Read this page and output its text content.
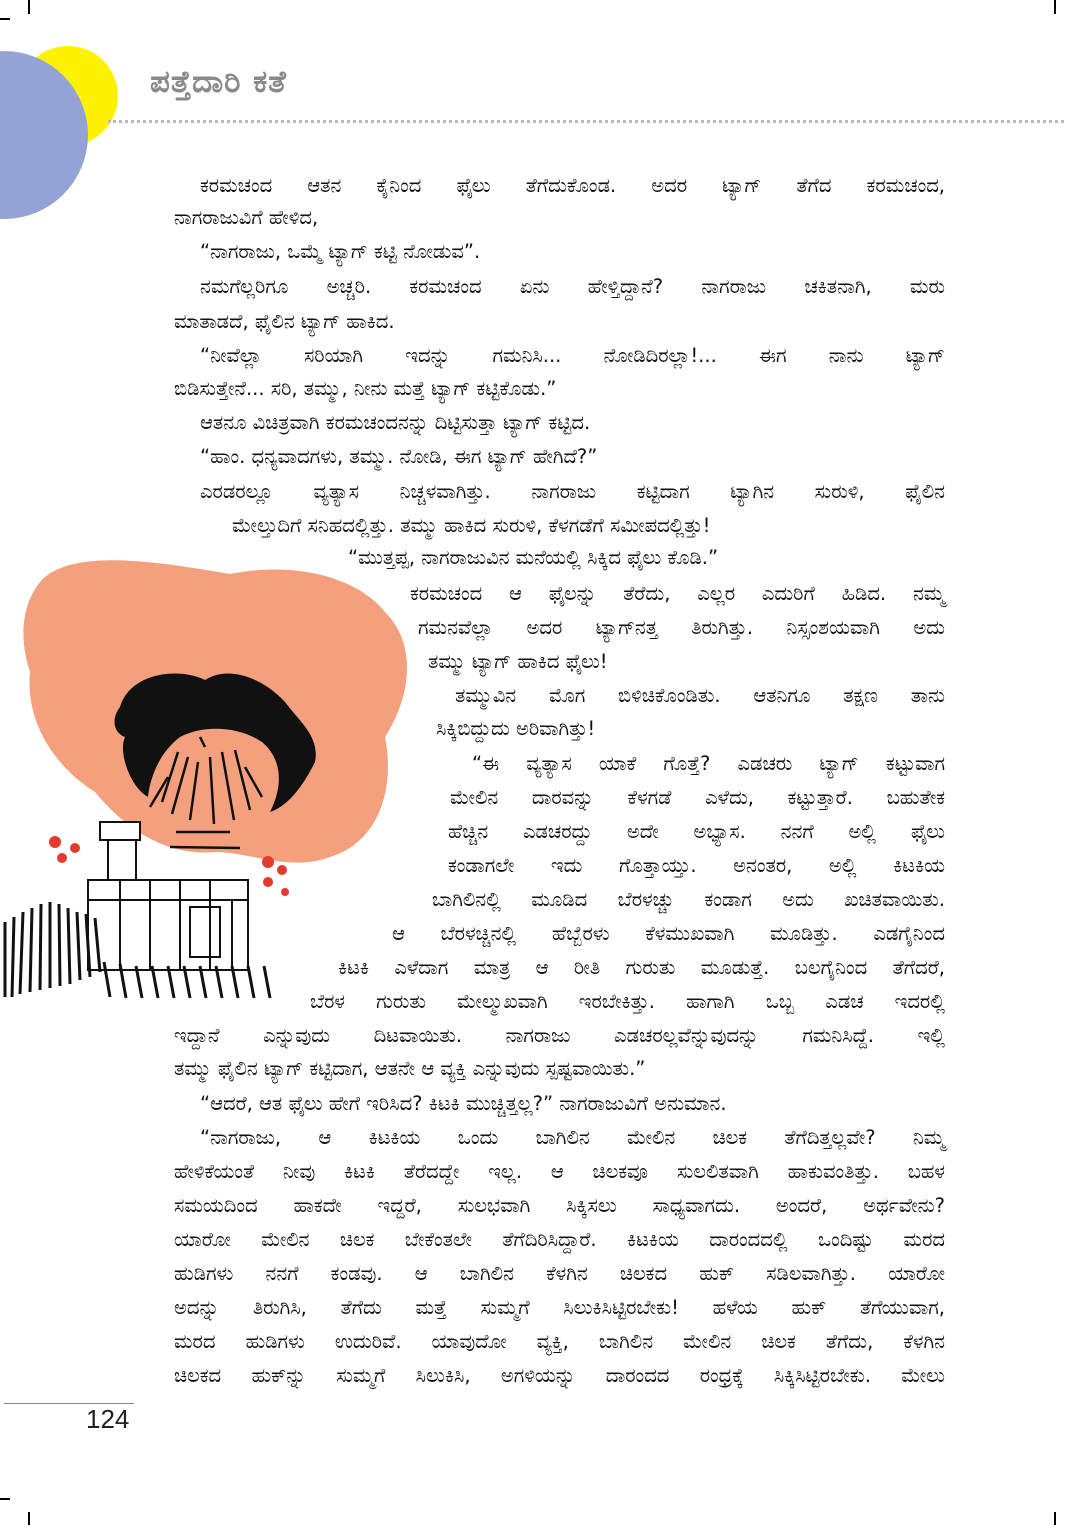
ಪತ್ತೆದಾರಿ ಕತೆ
ಕರಮಚಂದ ಆತನ ಕೈನಿಂದ ಫೈಲು ತೆಗೆದುಕೊಂಡ. ಅದರ ಟ್ಯಾಗ್ ತೆಗೆದ ಕರಮಚಂದ,
ನಾಗರಾಜುವಿಗೆ ಹೇಳಿದ,
“ನಾಗರಾಜು, ಒಮ್ಮೆ ಟ್ಯಾಗ್ ಕಟ್ಟಿ ನೋಡುವ”.
ನಮಗೆಲ್ಲರಿಗೂ ಅಚ್ಚರಿ. ಕರಮಚಂದ ಏನು ಹೇಳ್ತಿದ್ದಾನೆ? ನಾಗರಾಜು ಚಕಿತನಾಗಿ, ಮರು
ಮಾತಾಡದೆ, ಫೈಲಿನ ಟ್ಯಾಗ್ ಹಾಕಿದ.
“ನೀವೆಲ್ಲಾ ಸರಿಯಾಗಿ ಇದನ್ನು ಗಮನಿಸಿ... ನೋಡಿದಿರಲ್ಲಾ!... ಈಗ ನಾನು ಟ್ಯಾಗ್
ಬಿಡಿಸುತ್ತೇನೆ... ಸರಿ, ತಮ್ಮು, ನೀನು ಮತ್ತೆ ಟ್ಯಾಗ್ ಕಟ್ಟಿಕೊಡು.”
ಆತನೂ ವಿಚಿತ್ರವಾಗಿ ಕರಮಚಂದನನ್ನು ದಿಟ್ಟಿಸುತ್ತಾ ಟ್ಯಾಗ್ ಕಟ್ಟಿದ.
“ಹಾಂ. ಧನ್ಯವಾದಗಳು, ತಮ್ಮು. ನೋಡಿ, ಈಗ ಟ್ಯಾಗ್ ಹೇಗಿದೆ?”
ಎರಡರಲ್ಲೂ ವ್ಯತ್ಯಾಸ ನಿಚ್ಚಳವಾಗಿತ್ತು. ನಾಗರಾಜು ಕಟ್ಟಿದಾಗ ಟ್ಯಾಗಿನ ಸುರುಳಿ, ಫೈಲಿನ
ಮೇಲ್ತುದಿಗೆ ಸನಿಹದಲ್ಲಿತ್ತು. ತಮ್ಮು ಹಾಕಿದ ಸುರುಳಿ, ಕೆಳಗಡೆಗೆ ಸಮೀಪದಲ್ಲಿತ್ತು!
“ಮುತ್ತಪ್ಪ, ನಾಗರಾಜುವಿನ ಮನೆಯಲ್ಲಿ ಸಿಕ್ಕಿದ ಫೈಲು ಕೊಡಿ.”
ಕರಮಚಂದ ಆ ಫೈಲನ್ನು ತೆರೆದು, ಎಲ್ಲರ ಎದುರಿಗೆ ಹಿಡಿದ. ನಮ್ಮ
ಗಮನವೆಲ್ಲಾ ಅದರ ಟ್ಯಾಗ್‌ನತ್ತ ತಿರುಗಿತ್ತು. ನಿಸ್ಸಂಶಯವಾಗಿ ಅದು
ತಮ್ಮು ಟ್ಯಾಗ್ ಹಾಕಿದ ಫೈಲು!
ತಮ್ಮುವಿನ ಮೊಗ ಬಿಳಿಚಿಕೊಂಡಿತು. ಆತನಿಗೂ ತಕ್ಷಣ ತಾನು
ಸಿಕ್ಕಿಬಿದ್ದುದು ಅರಿವಾಗಿತ್ತು!
“ಈ ವ್ಯತ್ಯಾಸ ಯಾಕೆ ಗೊತ್ತೆ? ಎಡಚರು ಟ್ಯಾಗ್ ಕಟ್ಟುವಾಗ
ಮೇಲಿನ ದಾರವನ್ನು ಕೆಳಗಡೆ ಎಳೆದು, ಕಟ್ಟುತ್ತಾರೆ. ಬಹುತೇಕ
ಹೆಚ್ಚಿನ ಎಡಚರದ್ದು ಅದೇ ಅಭ್ಯಾಸ. ನನಗೆ ಅಲ್ಲಿ ಫೈಲು
ಕಂಡಾಗಲೇ ಇದು ಗೊತ್ತಾಯ್ತು. ಅನಂತರ, ಅಲ್ಲಿ ಕಿಟಕಿಯ
ಬಾಗಿಲಿನಲ್ಲಿ ಮೂಡಿದ ಬೆರಳಚ್ಚು ಕಂಡಾಗ ಅದು ಖಚಿತವಾಯಿತು.
ಆ ಬೆರಳಚ್ಚಿನಲ್ಲಿ ಹೆಬ್ಬೆರಳು ಕೆಳಮುಖವಾಗಿ ಮೂಡಿತ್ತು. ಎಡಗೈನಿಂದ
ಕಿಟಕಿ ಎಳೆದಾಗ ಮಾತ್ರ ಆ ರೀತಿ ಗುರುತು ಮೂಡುತ್ತೆ. ಬಲಗೈನಿಂದ ತೆಗೆದರೆ,
ಬೆರಳ ಗುರುತು ಮೇಲ್ಮುಖವಾಗಿ ಇರಬೇಕಿತ್ತು. ಹಾಗಾಗಿ ಒಬ್ಬ ಎಡಚ ಇದರಲ್ಲಿ
ಇದ್ದಾನೆ ಎನ್ನುವುದು ದಿಟವಾಯಿತು. ನಾಗರಾಜು ಎಡಚರಲ್ಲವೆನ್ನುವುದನ್ನು ಗಮನಿಸಿದ್ದೆ. ಇಲ್ಲಿ
ತಮ್ಮು ಫೈಲಿನ ಟ್ಯಾಗ್ ಕಟ್ಟಿದಾಗ, ಆತನೇ ಆ ವ್ಯಕ್ತಿ ಎನ್ನುವುದು ಸ್ಪಷ್ಟವಾಯಿತು.”
“ಆದರೆ, ಆತ ಫೈಲು ಹೇಗೆ ಇರಿಸಿದ? ಕಿಟಕಿ ಮುಚ್ಚಿತ್ತಲ್ಲ?” ನಾಗರಾಜುವಿಗೆ ಅನುಮಾನ.
“ನಾಗರಾಜು, ಆ ಕಿಟಕಿಯ ಒಂದು ಬಾಗಿಲಿನ ಮೇಲಿನ ಚಿಲಕ ತೆಗೆದಿತ್ತಲ್ಲವೇ? ನಿಮ್ಮ
ಹೇಳಿಕೆಯಂತೆ ನೀವು ಕಿಟಕಿ ತೆರೆದದ್ದೇ ಇಲ್ಲ. ಆ ಚಿಲಕವೂ ಸುಲಲಿತವಾಗಿ ಹಾಕುವಂತಿತ್ತು. ಬಹಳ
ಸಮಯದಿಂದ ಹಾಕದೇ ಇದ್ದರೆ, ಸುಲಭವಾಗಿ ಸಿಕ್ಕಿಸಲು ಸಾಧ್ಯವಾಗದು. ಅಂದರೆ, ಅರ್ಥವೇನು?
ಯಾರೋ ಮೇಲಿನ ಚಿಲಕ ಬೇಕೆಂತಲೇ ತೆಗೆದಿರಿಸಿದ್ದಾರೆ. ಕಿಟಕಿಯ ದಾರಂದದಲ್ಲಿ ಒಂದಿಷ್ಟು ಮರದ
ಹುಡಿಗಳು ನನಗೆ ಕಂಡವು. ಆ ಬಾಗಿಲಿನ ಕೆಳಗಿನ ಚಿಲಕದ ಹುಕ್ ಸಡಿಲವಾಗಿತ್ತು. ಯಾರೋ
ಅದನ್ನು ತಿರುಗಿಸಿ, ತೆಗೆದು ಮತ್ತೆ ಸುಮ್ಮಗೆ ಸಿಲುಕಿಸಿಟ್ಟಿರಬೇಕು! ಹಳೆಯ ಹುಕ್ ತೆಗೆಯುವಾಗ,
ಮರದ ಹುಡಿಗಳು ಉದುರಿವೆ. ಯಾವುದೋ ವ್ಯಕ್ತಿ, ಬಾಗಿಲಿನ ಮೇಲಿನ ಚಿಲಕ ತೆಗೆದು, ಕೆಳಗಿನ
ಚಿಲಕದ ಹುಕ್‌ನ್ನು ಸುಮ್ಮಗೆ ಸಿಲುಕಿಸಿ, ಅಗಳಿಯನ್ನು ದಾರಂದದ ರಂಧ್ರಕ್ಕೆ ಸಿಕ್ಕಿಸಿಟ್ಟಿರಬೇಕು. ಮೇಲು
124
